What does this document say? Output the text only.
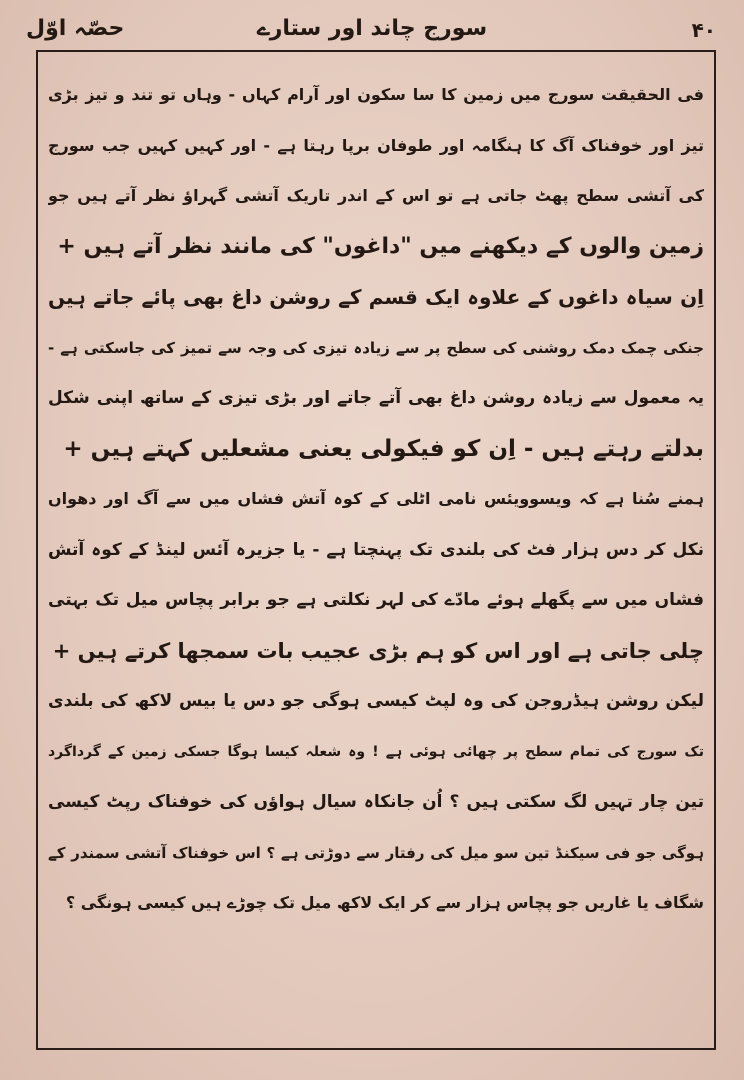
۴۰
سورج چاند اور ستارے
حصّہ اوّل
فی الحقیقت سورج میں زمین کا سا سکون اور آرام کہاں - وہاں تو تند و تیز بڑی
تیز اور خوفناک آگ کا ہنگامہ اور طوفان برپا رہتا ہے - اور کہیں کہیں جب سورج
کی آتشی سطح پھٹ جاتی ہے تو اس کے اندر تاریک آتشی گہراؤ نظر آتے ہیں جو
زمین والوں کے دیکھنے میں "داغوں" کی مانند نظر آتے ہیں +
اِن سیاہ داغوں کے علاوہ ایک قسم کے روشن داغ بھی پائے جاتے ہیں
جنکی چمک دمک روشنی کی سطح پر سے زیادہ تیزی کی وجہ سے تمیز کی جاسکتی ہے -
یہ معمول سے زیادہ روشن داغ بھی آتے جاتے اور بڑی تیزی کے ساتھ اپنی شکل
بدلتے رہتے ہیں - اِن کو فیکولی یعنی مشعلیں کہتے ہیں +
ہمنے سُنا ہے کہ ویسوویئس نامی اٹلی کے کوہ آتش فشاں میں سے آگ اور دھواں
نکل کر دس ہزار فٹ کی بلندی تک پہنچتا ہے - یا جزیرہ آئس لینڈ کے کوہ آتش
فشاں میں سے پگھلے ہوئے مادّے کی لہر نکلتی ہے جو برابر پچاس میل تک بہتی
چلی جاتی ہے اور اس کو ہم بڑی عجیب بات سمجھا کرتے ہیں +
لیکن روشن ہیڈروجن کی وہ لپٹ کیسی ہوگی جو دس یا بیس لاکھ کی بلندی
تک سورج کی تمام سطح پر چھائی ہوئی ہے ! وہ شعلہ کیسا ہوگا جسکی زمین کے گرداگرد
تین چار تہیں لگ سکتی ہیں ؟ اُن جانکاہ سیال ہواؤں کی خوفناک رپٹ کیسی
ہوگی جو فی سیکنڈ تین سو میل کی رفتار سے دوڑتی ہے ؟ اس خوفناک آتشی سمندر کے
شگاف یا غاریں جو پچاس ہزار سے کر ایک لاکھ میل تک چوڑے ہیں کیسی ہونگی ؟
